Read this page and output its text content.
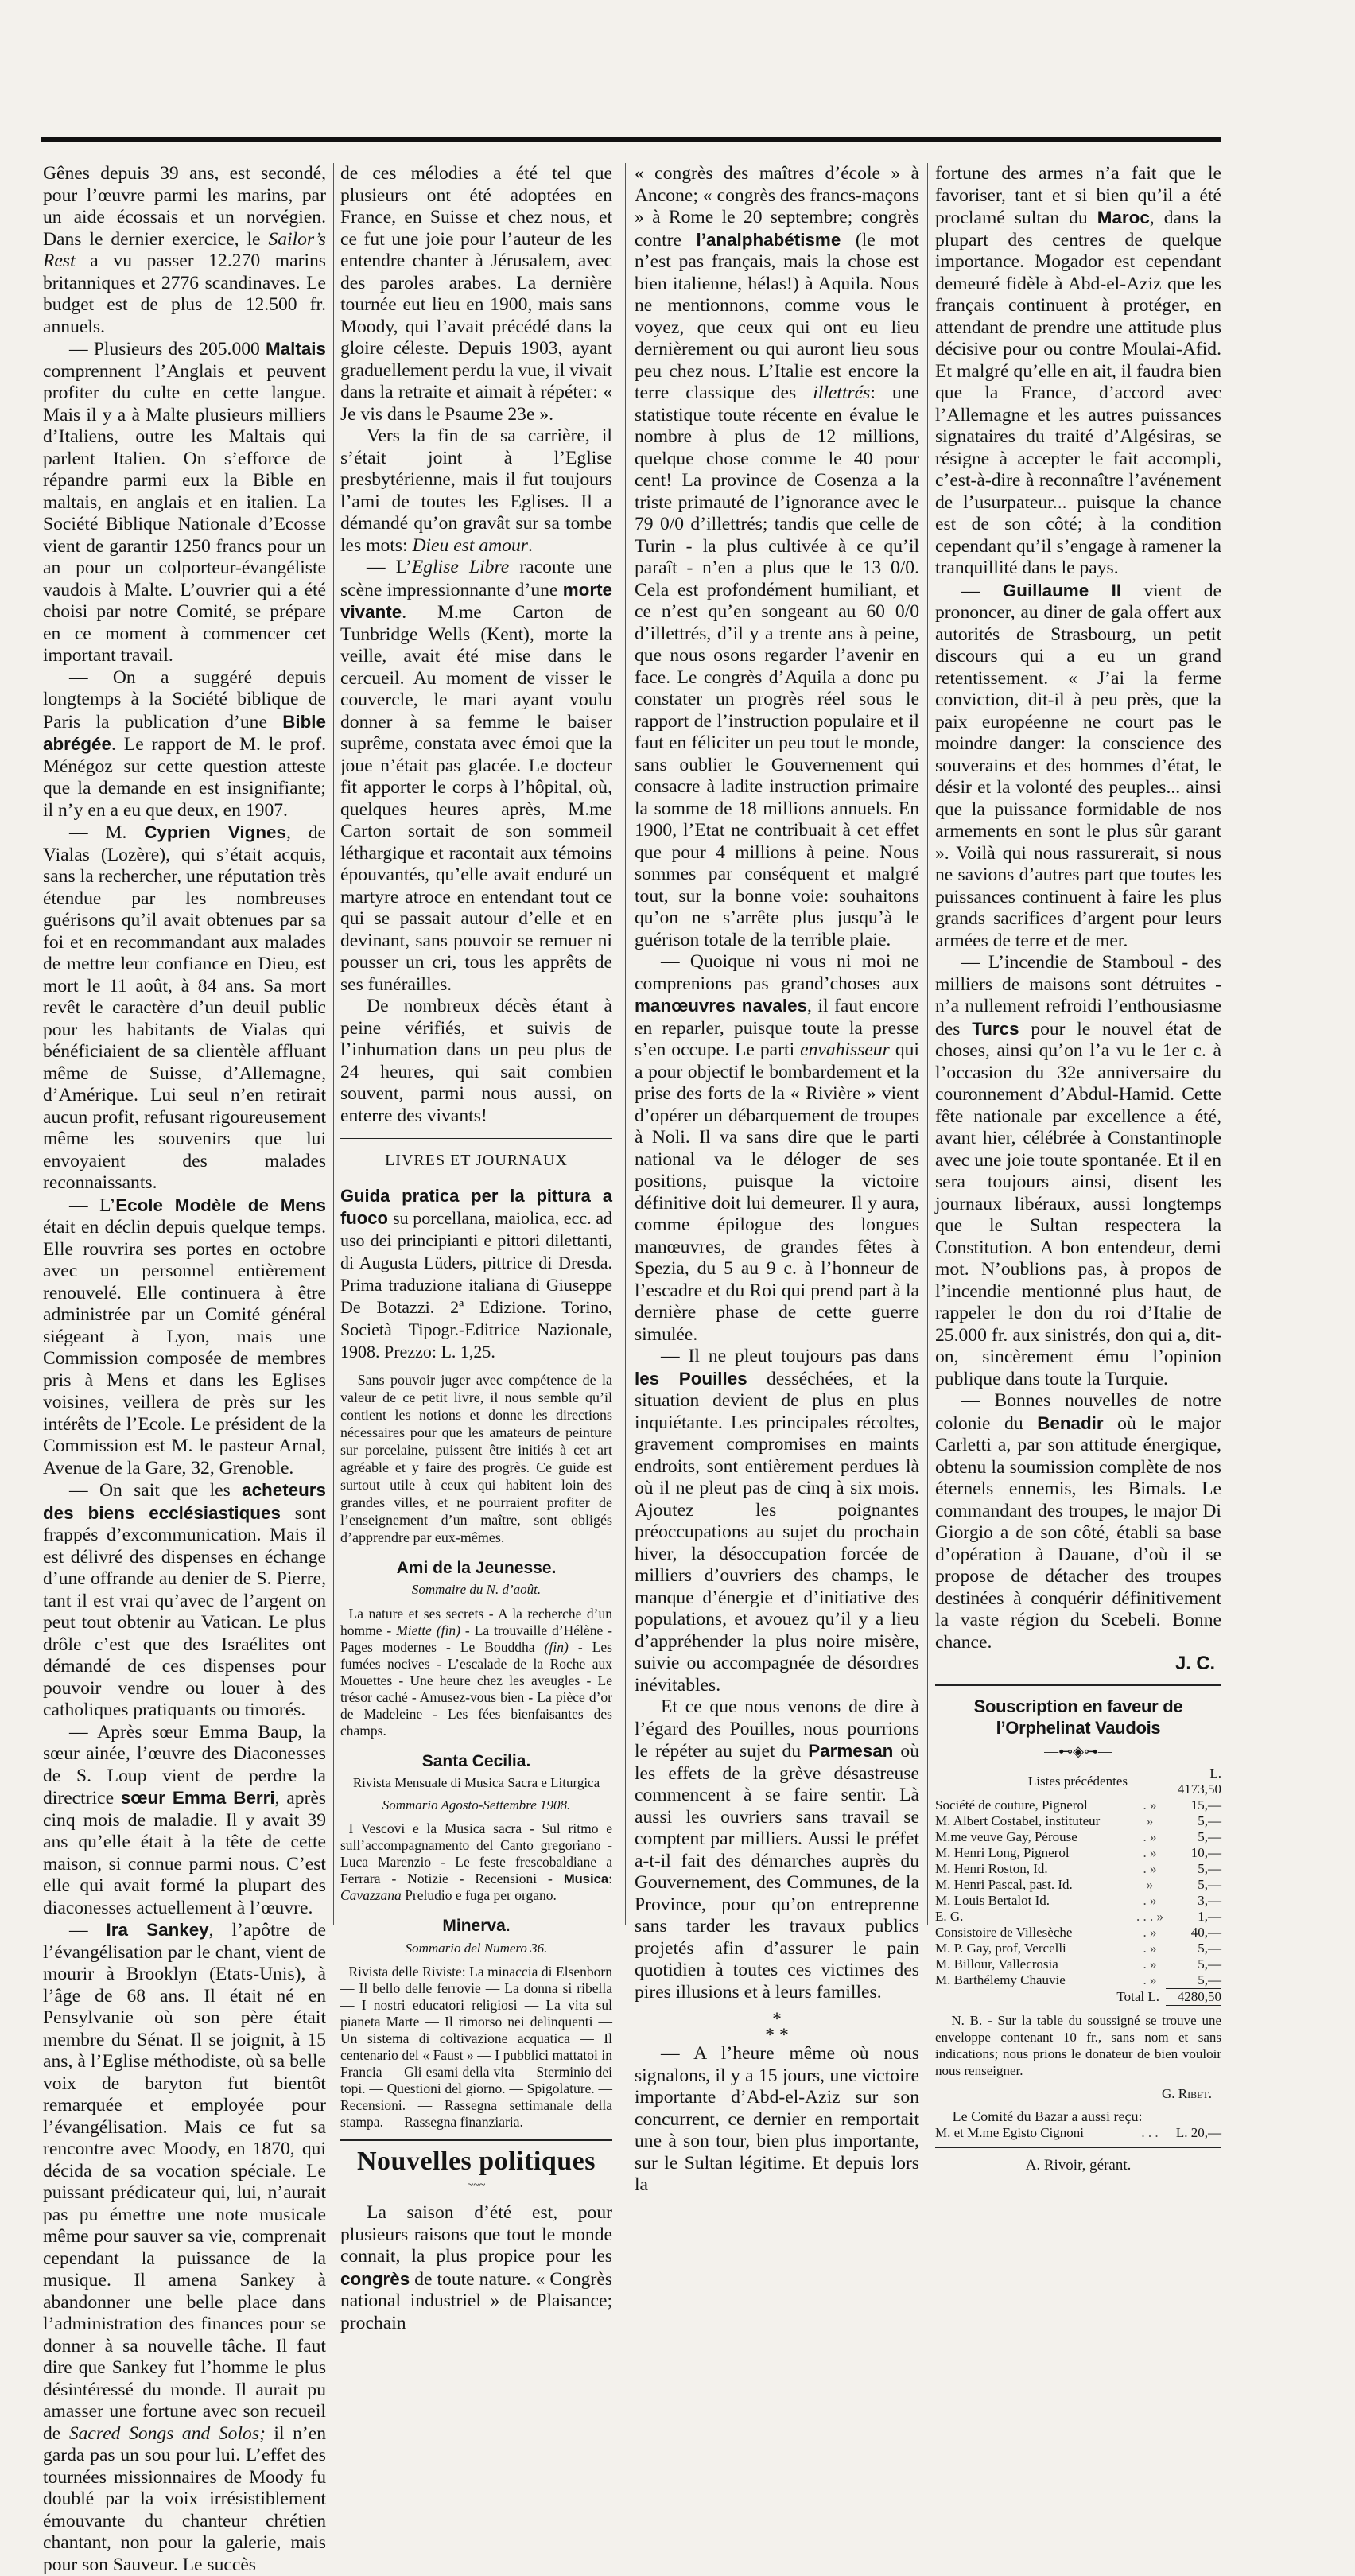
Gênes depuis 39 ans, est secondé, pour l’œuvre parmi les marins, par un aide écossais et un norvégien. Dans le dernier exercice, le Sailor’s Rest a vu passer 12.270 marins britanniques et 2776 scandinaves. Le budget est de plus de 12.500 fr. annuels.

— Plusieurs des 205.000 Maltais comprennent l’Anglais et peuvent profiter du culte en cette langue. Mais il y a à Malte plusieurs milliers d’Italiens, outre les Maltais qui parlent Italien. On s’efforce de répandre parmi eux la Bible en maltais, en anglais et en italien. La Société Biblique Nationale d’Ecosse vient de garantir 1250 francs pour un an pour un colporteur-évangéliste vaudois à Malte. L’ouvrier qui a été choisi par notre Comité, se prépare en ce moment à commencer cet important travail.

— On a suggéré depuis longtemps à la Société biblique de Paris la publication d’une Bible abrégée. Le rapport de M. le prof. Ménégoz sur cette question atteste que la demande en est insignifiante; il n’y en a eu que deux, en 1907.

— M. Cyprien Vignes, de Vialas (Lozère), qui s’était acquis, sans la rechercher, une réputation très étendue par les nombreuses guérisons qu’il avait obtenues par sa foi et en recommandant aux malades de mettre leur confiance en Dieu, est mort le 11 août, à 84 ans. Sa mort revêt le caractère d’un deuil public pour les habitants de Vialas qui bénéficiaient de sa clientèle affluant même de Suisse, d’Allemagne, d’Amérique. Lui seul n’en retirait aucun profit, refusant rigoureusement même les souvenirs que lui envoyaient des malades reconnaissants.

— L’Ecole Modèle de Mens était en déclin depuis quelque temps. Elle rouvrira ses portes en octobre avec un personnel entièrement renouvelé. Elle continuera à être administrée par un Comité général siégeant à Lyon, mais une Commission composée de membres pris à Mens et dans les Eglises voisines, veillera de près sur les intérêts de l’Ecole. Le président de la Commission est M. le pasteur Arnal, Avenue de la Gare, 32, Grenoble.

— On sait que les acheteurs des biens ecclésiastiques sont frappés d’excommunication. Mais il est délivré des dispenses en échange d’une offrande au denier de S. Pierre, tant il est vrai qu’avec de l’argent on peut tout obtenir au Vatican. Le plus drôle c’est que des Israélites ont démandé de ces dispenses pour pouvoir vendre ou louer à des catholiques pratiquants ou timorés.

— Après sœur Emma Baup, la sœur ainée, l’œuvre des Diaconesses de S. Loup vient de perdre la directrice sœur Emma Berri, après cinq mois de maladie. Il y avait 39 ans qu’elle était à la tête de cette maison, si connue parmi nous. C’est elle qui avait formé la plupart des diaconesses actuellement à l’œuvre.

— Ira Sankey, l’apôtre de l’évangélisation par le chant, vient de mourir à Brooklyn (Etats-Unis), à l’âge de 68 ans. Il était né en Pensylvanie où son père était membre du Sénat. Il se joignit, à 15 ans, à l’Eglise méthodiste, où sa belle voix de baryton fut bientôt remarquée et employée pour l’évangélisation. Mais ce fut sa rencontre avec Moody, en 1870, qui décida de sa vocation spéciale. Le puissant prédicateur qui, lui, n’aurait pas pu émettre une note musicale même pour sauver sa vie, comprenait cependant la puissance de la musique. Il amena Sankey à abandonner une belle place dans l’administration des finances pour se donner à sa nouvelle tâche. Il faut dire que Sankey fut l’homme le plus désintéressé du monde. Il aurait pu amasser une fortune avec son recueil de Sacred Songs and Solos; il n’en garda pas un sou pour lui. L’effet des tournées missionnaires de Moody fu doublé par la voix irrésistiblement émouvante du chanteur chrétien chantant, non pour la galerie, mais pour son Sauveur. Le succès

de ces mélodies a été tel que plusieurs ont été adoptées en France, en Suisse et chez nous, et ce fut une joie pour l’auteur de les entendre chanter à Jérusalem, avec des paroles arabes. La dernière tournée eut lieu en 1900, mais sans Moody, qui l’avait précédé dans la gloire céleste. Depuis 1903, ayant graduellement perdu la vue, il vivait dans la retraite et aimait à répéter: « Je vis dans le Psaume 23e ».

Vers la fin de sa carrière, il s’était joint à l’Eglise presbytérienne, mais il fut toujours l’ami de toutes les Eglises. Il a démandé qu’on gravât sur sa tombe les mots: Dieu est amour.

— L’Eglise Libre raconte une scène impressionnante d’une morte vivante. M.me Carton de Tunbridge Wells (Kent), morte la veille, avait été mise dans le cercueil. Au moment de visser le couvercle, le mari ayant voulu donner à sa femme le baiser suprême, constata avec émoi que la joue n’était pas glacée. Le docteur fit apporter le corps à l’hôpital, où, quelques heures après, M.me Carton sortait de son sommeil léthargique et racontait aux témoins épouvantés, qu’elle avait enduré un martyre atroce en entendant tout ce qui se passait autour d’elle et en devinant, sans pouvoir se remuer ni pousser un cri, tous les apprêts de ses funérailles.

De nombreux décès étant à peine vérifiés, et suivis de l’inhumation dans un peu plus de 24 heures, qui sait combien souvent, parmi nous aussi, on enterre des vivants!

LIVRES ET JOURNAUX

Guida pratica per la pittura a fuoco su porcellana, maiolica, ecc. ad uso dei principianti e pittori dilettanti, di Augusta Lüders, pittrice di Dresda. Prima traduzione italiana di Giuseppe De Botazzi. 2ª Edizione. Torino, Società Tipogr.-Editrice Nazionale, 1908. Prezzo: L. 1,25.

Sans pouvoir juger avec compétence de la valeur de ce petit livre, il nous semble qu’il contient les notions et donne les directions nécessaires pour que les amateurs de peinture sur porcelaine, puissent être initiés à cet art agréable et y faire des progrès. Ce guide est surtout utile à ceux qui habitent loin des grandes villes, et ne pourraient profiter de l’enseignement d’un maître, sont obligés d’apprendre par eux-mêmes.

Ami de la Jeunesse.

Sommaire du N. d’août.

La nature et ses secrets - A la recherche d’un homme - Miette (fin) - La trouvaille d’Hélène - Pages modernes - Le Bouddha (fin) - Les fumées nocives - L’escalade de la Roche aux Mouettes - Une heure chez les aveugles - Le trésor caché - Amusez-vous bien - La pièce d’or de Madeleine - Les fées bienfaisantes des champs.

Santa Cecilia.

Rivista Mensuale di Musica Sacra e Liturgica
Sommario Agosto-Settembre 1908.

I Vescovi e la Musica sacra - Sul ritmo e sull’accompagnamento del Canto gregoriano - Luca Marenzio - Le feste frescobaldiane a Ferrara - Notizie - Recensioni - Musica: Cavazzana Preludio e fuga per organo.

Minerva.

Sommario del Numero 36.

Rivista delle Riviste: La minaccia di Elsenborn — Il bello delle ferrovie — La donna si ribella — I nostri educatori religiosi — La vita sul pianeta Marte — Il rimorso nei delinquenti — Un sistema di coltivazione acquatica — Il centenario del « Faust » — I pubblici mattatoi in Francia — Gli esami della vita — Sterminio dei topi. — Questioni del giorno. — Spigolature. — Recensioni. — Rassegna settimanale della stampa. — Rassegna finanziaria.

Nouvelles politiques

~~~

La saison d’été est, pour plusieurs raisons que tout le monde connait, la plus propice pour les congrès de toute nature. « Congrès national industriel » de Plaisance; prochain

« congrès des maîtres d’école » à Ancone; « congrès des francs-maçons » à Rome le 20 septembre; congrès contre l’analphabétisme (le mot n’est pas français, mais la chose est bien italienne, hélas!) à Aquila. Nous ne mentionnons, comme vous le voyez, que ceux qui ont eu lieu dernièrement ou qui auront lieu sous peu chez nous. L’Italie est encore la terre classique des illettrés: une statistique toute récente en évalue le nombre à plus de 12 millions, quelque chose comme le 40 pour cent! La province de Cosenza a la triste primauté de l’ignorance avec le 79 0/0 d’illettrés; tandis que celle de Turin - la plus cultivée à ce qu’il paraît - n’en a plus que le 13 0/0. Cela est profondément humiliant, et ce n’est qu’en songeant au 60 0/0 d’illettrés, d’il y a trente ans à peine, que nous osons regarder l’avenir en face. Le congrès d’Aquila a donc pu constater un progrès réel sous le rapport de l’instruction populaire et il faut en féliciter un peu tout le monde, sans oublier le Gouvernement qui consacre à ladite instruction primaire la somme de 18 millions annuels. En 1900, l’Etat ne contribuait à cet effet que pour 4 millions à peine. Nous sommes par conséquent et malgré tout, sur la bonne voie: souhaitons qu’on ne s’arrête plus jusqu’à le guérison totale de la terrible plaie.

— Quoique ni vous ni moi ne comprenions pas grand’choses aux manœuvres navales, il faut encore en reparler, puisque toute la presse s’en occupe. Le parti envahisseur qui a pour objectif le bombardement et la prise des forts de la « Rivière » vient d’opérer un débarquement de troupes à Noli. Il va sans dire que le parti national va le déloger de ses positions, puisque la victoire définitive doit lui demeurer. Il y aura, comme épilogue des longues manœuvres, de grandes fêtes à Spezia, du 5 au 9 c. à l’honneur de l’escadre et du Roi qui prend part à la dernière phase de cette guerre simulée.

— Il ne pleut toujours pas dans les Pouilles desséchées, et la situation devient de plus en plus inquiétante. Les principales récoltes, gravement compromises en maints endroits, sont entièrement perdues là où il ne pleut pas de cinq à six mois. Ajoutez les poignantes préoccupations au sujet du prochain hiver, la désoccupation forcée de milliers d’ouvriers des champs, le manque d’énergie et d’initiative des populations, et avouez qu’il y a lieu d’appréhender la plus noire misère, suivie ou accompagnée de désordres inévitables.

Et ce que nous venons de dire à l’égard des Pouilles, nous pourrions le répéter au sujet du Parmesan où les effets de la grève désastreuse commencent à se faire sentir. Là aussi les ouvriers sans travail se comptent par milliers. Aussi le préfet a-t-il fait des démarches auprès du Gouvernement, des Communes, de la Province, pour qu’on entreprenne sans tarder les travaux publics projetés afin d’assurer le pain quotidien à toutes ces victimes des pires illusions et à leurs familles.

*
* *

— A l’heure même où nous signalons, il y a 15 jours, une victoire importante d’Abd-el-Aziz sur son concurrent, ce dernier en remportait une à son tour, bien plus importante, sur le Sultan légitime. Et depuis lors la

fortune des armes n’a fait que le favoriser, tant et si bien qu’il a été proclamé sultan du Maroc, dans la plupart des centres de quelque importance. Mogador est cependant demeuré fidèle à Abd-el-Aziz que les français continuent à protéger, en attendant de prendre une attitude plus décisive pour ou contre Moulai-Afid. Et malgré qu’elle en ait, il faudra bien que la France, d’accord avec l’Allemagne et les autres puissances signataires du traité d’Algésiras, se résigne à accepter le fait accompli, c’est-à-dire à reconnaître l’avénement de l’usurpateur... puisque la chance est de son côté; à la condition cependant qu’il s’engage à ramener la tranquillité dans le pays.

— Guillaume II vient de prononcer, au diner de gala offert aux autorités de Strasbourg, un petit discours qui a eu un grand retentissement. « J’ai la ferme conviction, dit-il à peu près, que la paix européenne ne court pas le moindre danger: la conscience des souverains et des hommes d’état, le désir et la volonté des peuples... ainsi que la puissance formidable de nos armements en sont le plus sûr garant ». Voilà qui nous rassurerait, si nous ne savions d’autres part que toutes les puissances continuent à faire les plus grands sacrifices d’argent pour leurs armées de terre et de mer.

— L’incendie de Stamboul - des milliers de maisons sont détruites - n’a nullement refroidi l’enthousiasme des Turcs pour le nouvel état de choses, ainsi qu’on l’a vu le 1er c. à l’occasion du 32e anniversaire du couronnement d’Abdul-Hamid. Cette fête nationale par excellence a été, avant hier, célébrée à Constantinople avec une joie toute spontanée. Et il en sera toujours ainsi, disent les journaux libéraux, aussi longtemps que le Sultan respectera la Constitution. A bon entendeur, demi mot. N’oublions pas, à propos de l’incendie mentionné plus haut, de rappeler le don du roi d’Italie de 25.000 fr. aux sinistrés, don qui a, dit-on, sincèrement ému l’opinion publique dans toute la Turquie.

— Bonnes nouvelles de notre colonie du Benadir où le major Carletti a, par son attitude énergique, obtenu la soumission complète de nos éternels ennemis, les Bimals. Le commandant des troupes, le major Di Giorgio a de son côté, établi sa base d’opération à Dauane, d’où il se propose de détacher des troupes destinées à conquérir définitivement la vaste région du Scebeli. Bonne chance.

J. C.

Souscription en faveur de l’Orphelinat Vaudois
—⊷◈⊶—
Listes précédentes		L. 4173,50
Société de couture, Pignerol	. »	15,—
M. Albert Costabel, instituteur	»	5,—
M.me veuve Gay, Pérouse	. »	5,—
M. Henri Long, Pignerol	. »	10,—
M. Henri Roston, Id.	. »	5,—
M. Henri Pascal, past. Id.	»	5,—
M. Louis Bertalot Id.	. »	3,—
E. G.	. . . »	1,—
Consistoire de Villesèche	. »	40,—
M. P. Gay, prof, Vercelli	. »	5,—
M. Billour, Vallecrosia	. »	5,—
M. Barthélemy Chauvie	. »	5,—
Total L.	4280,50

N. B. - Sur la table du soussigné se trouve une enveloppe contenant 10 fr., sans nom et sans indications; nous prions le donateur de bien vouloir nous renseigner.

G. Ribet.

Le Comité du Bazar a aussi reçu:

M. et M.me Egisto Cignoni	. . .	L. 20,—

A. Rivoir, gérant.
